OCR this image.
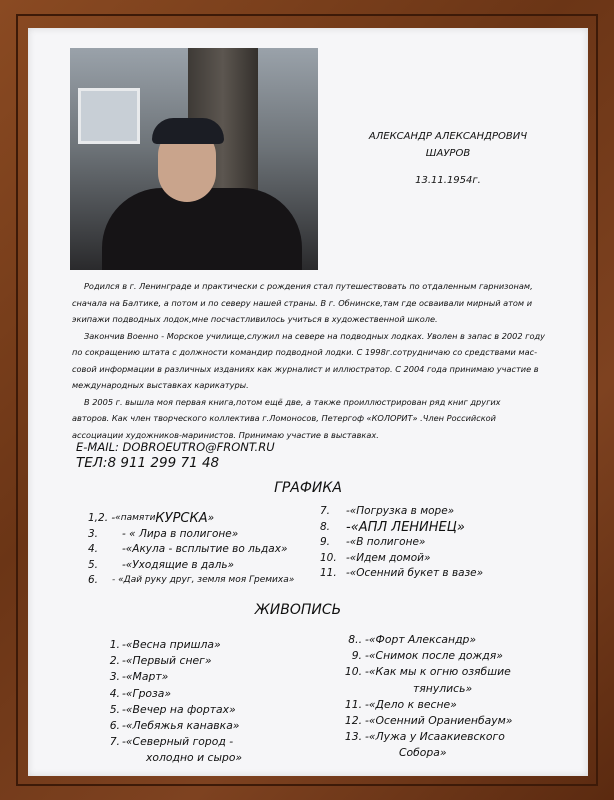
АЛЕКСАНДР АЛЕКСАНДРОВИЧ
ШАУРОВ
13.11.1954г.

Родился в г. Ленинграде и практически с рождения стал путешествовать по отдаленным гарнизонам,

сначала на Балтике, а потом и по северу нашей страны. В г. Обнинске,там где осваивали мирный атом и

экипажи подводных лодок,мне посчастливилось учиться в художественной школе.

Закончив Военно - Морское училище,служил на севере на подводных лодках. Уволен в запас в 2002 году

по сокращению штата с должности командир подводной лодки. С 1998г.сотрудничаю со средствами мас-

совой информации в различных изданиях как журналист и иллюстратор. С 2004 года принимаю участие в

международных выставках карикатуры.

В 2005 г. вышла моя первая книга,потом ещё две, а также проиллюстрирован ряд книг других

авторов. Как член творческого коллектива г.Ломоносов, Петергоф «КОЛОРИТ» .Член Российской

ассоциации художников-маринистов. Принимаю участие в выставках.

E-MAIL: DOBROEUTRO@FRONT.RU
ТЕЛ:8 911 299 71 48
ГРАФИКА
1,2. - «памяти КУРСКА »
3.	- « Лира в полигоне»
4.	-«Акула - всплытие во льдах»
5.	-«Уходящие в даль»
6.	- «Дай руку друг, земля моя Гремиха»
7.	-«Погрузка в море»
8.	-«АПЛ ЛЕНИНЕЦ»
9.	-«В полигоне»
10. -«Идем домой»
11. -«Осенний букет в вазе»
ЖИВОПИСЬ
1. -«Весна пришла»
2. -«Первый снег»
3. -«Март»
4. -«Гроза»
5. -«Вечер на фортах»
6. -«Лебяжья канавка»
7. -«Северный город -
холодно и сыро»
8.. -«Форт Александр»
9. -«Снимок после дождя»
10. -«Как мы к огню озябшие
тянулись»
11. -«Дело к весне»
12. -«Осенний Ораниенбаум»
13. -«Лужа у Исаакиевского
Собора»
